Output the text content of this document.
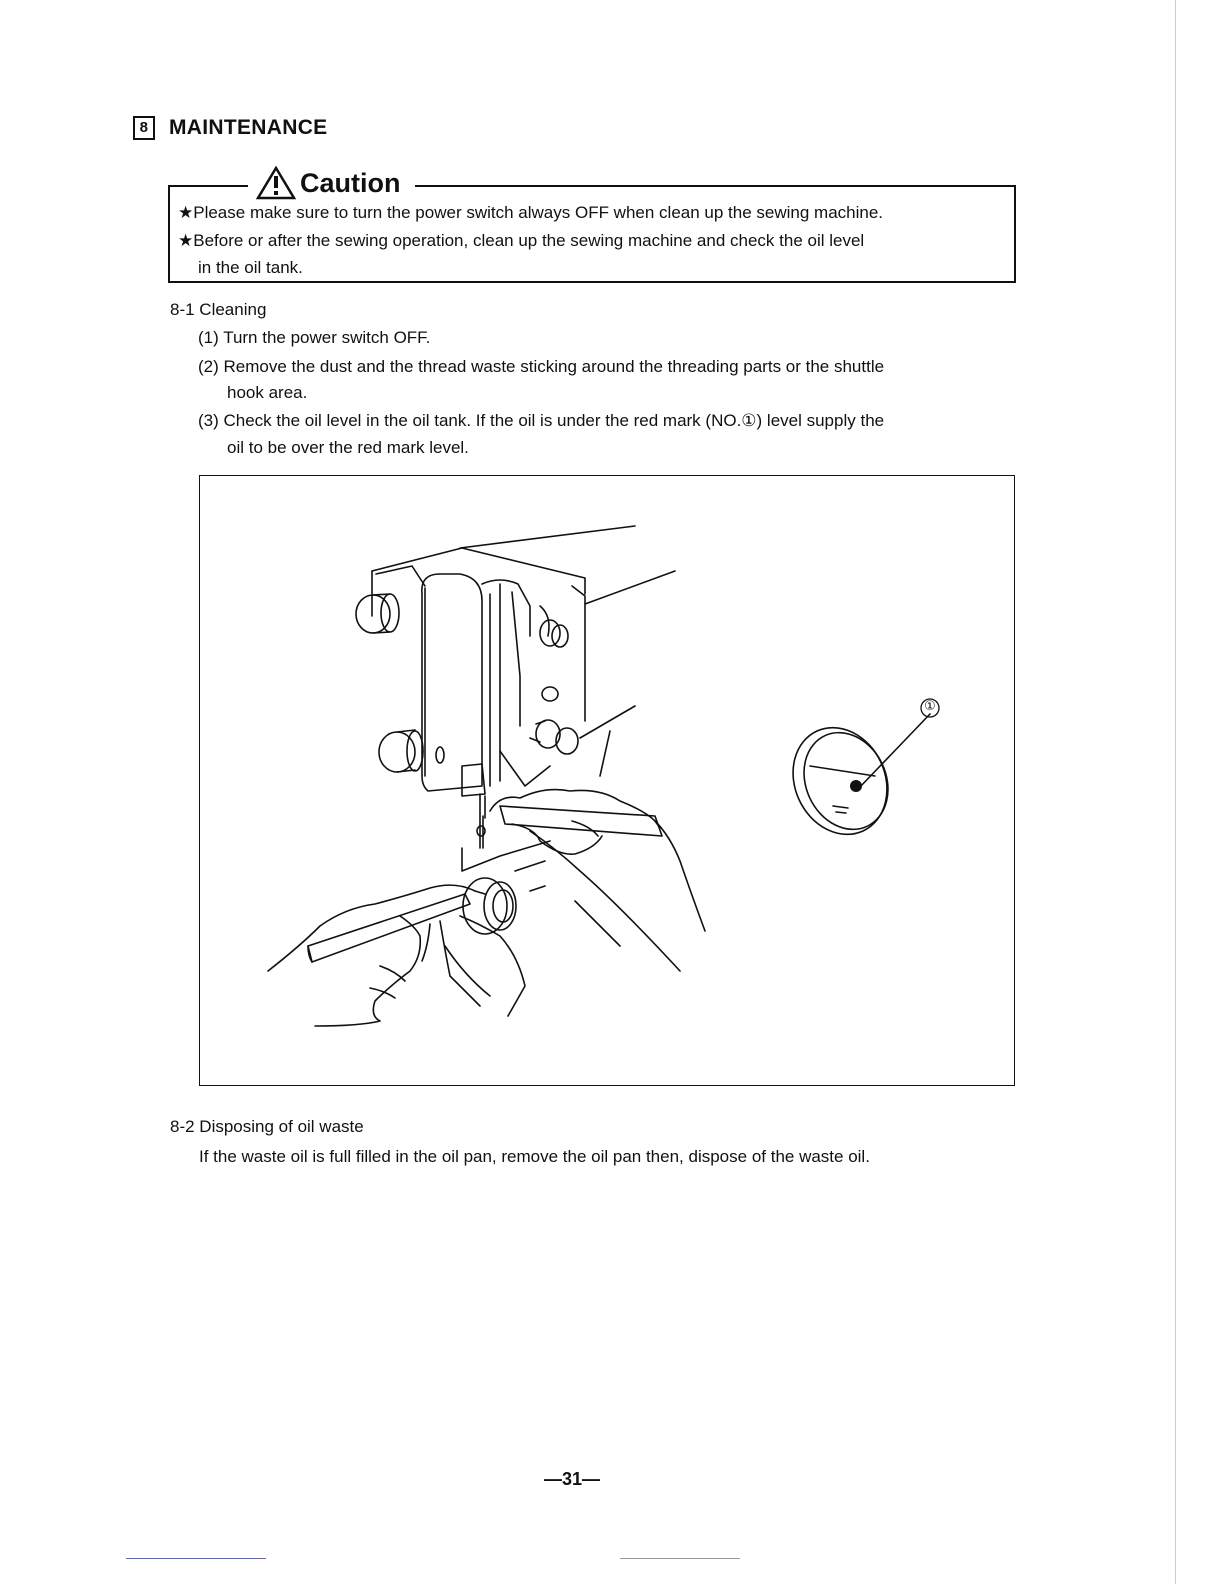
8 MAINTENANCE
Caution
★Please make sure to turn the power switch always OFF when clean up the sewing machine.
★Before or after the sewing operation, clean up the sewing machine and check the oil level
in the oil tank.
8-1 Cleaning
(1) Turn the power switch OFF.
(2) Remove the dust and the thread waste sticking around the threading parts or the shuttle
hook area.
(3) Check the oil level in the oil tank. If the oil is under the red mark (NO.①) level supply the
oil to be over the red mark level.
①
8-2 Disposing of oil waste
If the waste oil is full filled in the oil pan, remove the oil pan then, dispose of the waste oil.
—31—
